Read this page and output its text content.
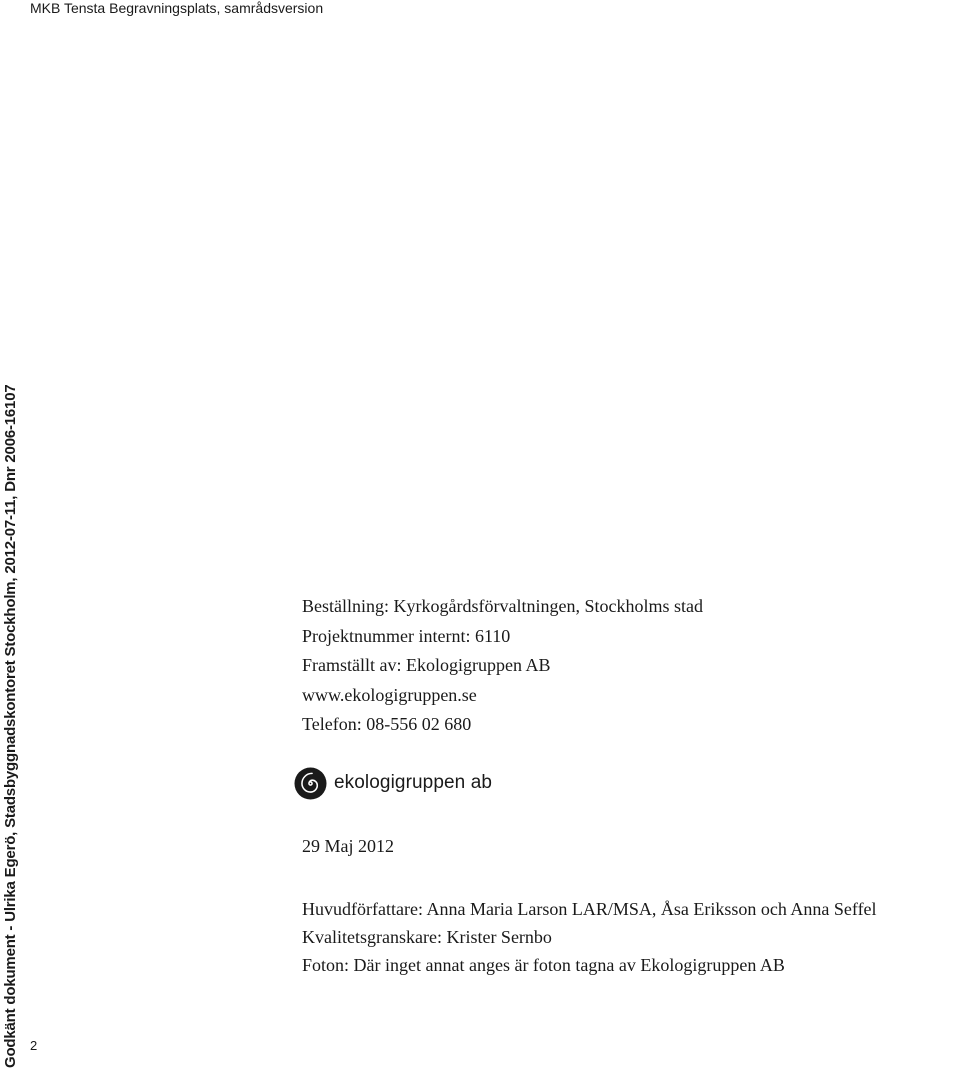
MKB Tensta Begravningsplats, samrådsversion
Godkänt dokument - Ulrika Egerö, Stadsbyggnadskontoret Stockholm, 2012-07-11, Dnr 2006-16107 2
Beställning: Kyrkogårdsförvaltningen, Stockholms stad
Projektnummer internt: 6110
Framställt av: Ekologigruppen AB
www.ekologigruppen.se
Telefon: 08-556 02 680
ekologigruppen ab
29 Maj 2012
Huvudförfattare: Anna Maria Larson LAR/MSA, Åsa Eriksson och Anna Seffel
Kvalitetsgranskare: Krister Sernbo
Foton: Där inget annat anges är foton tagna av Ekologigruppen AB
